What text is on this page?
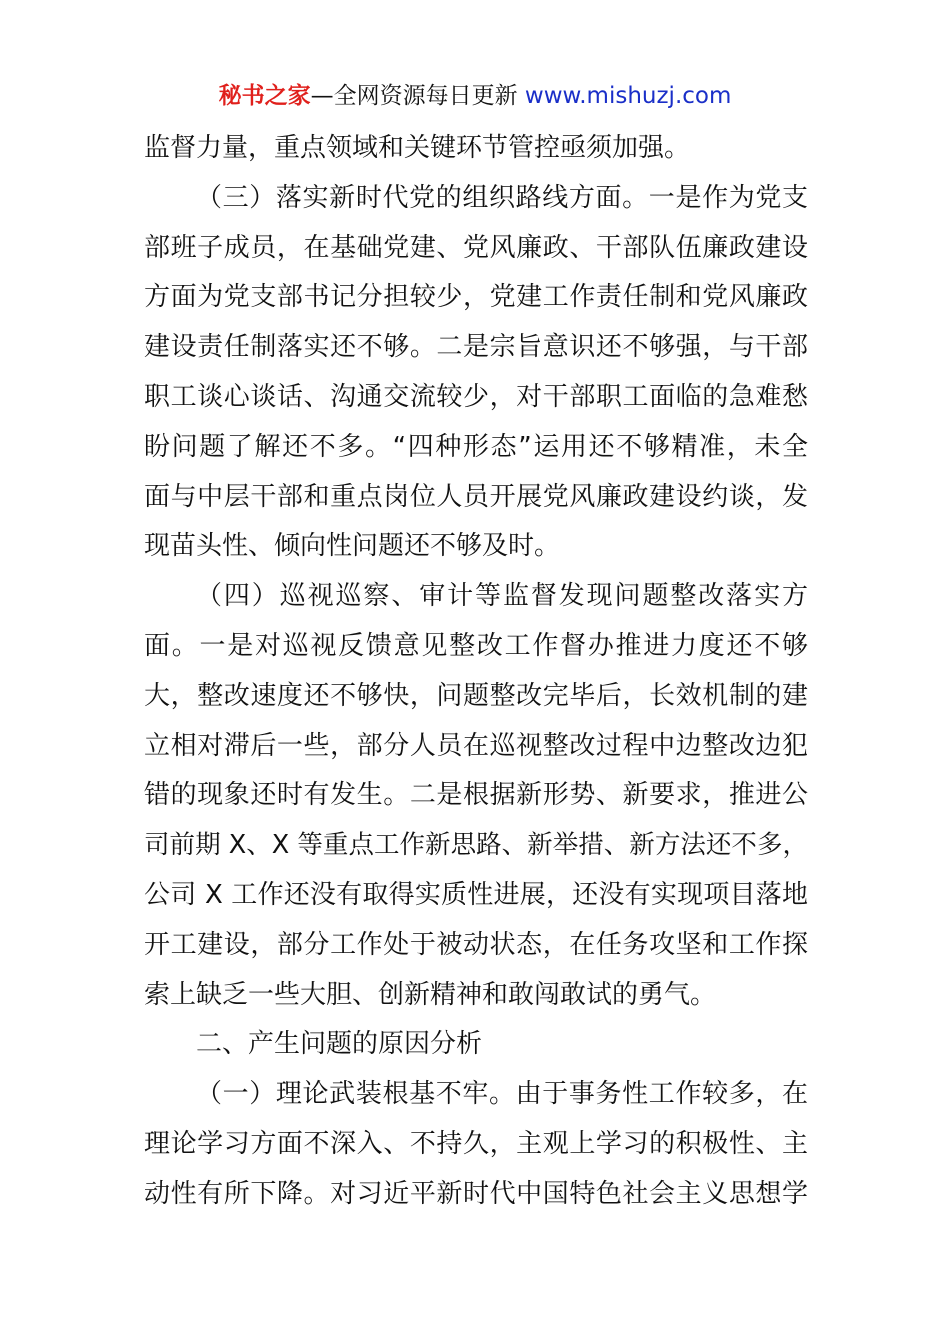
秘书之家—全网资源每日更新 www.mishuzj.com
监督力量，重点领域和关键环节管控亟须加强。
（三）落实新时代党的组织路线方面。一是作为党支
部班子成员，在基础党建、党风廉政、干部队伍廉政建设
方面为党支部书记分担较少，党建工作责任制和党风廉政
建设责任制落实还不够。二是宗旨意识还不够强，与干部
职工谈心谈话、沟通交流较少，对干部职工面临的急难愁
盼问题了解还不多。“四种形态”运用还不够精准，未全
面与中层干部和重点岗位人员开展党风廉政建设约谈，发
现苗头性、倾向性问题还不够及时。
（四）巡视巡察、审计等监督发现问题整改落实方
面。一是对巡视反馈意见整改工作督办推进力度还不够
大，整改速度还不够快，问题整改完毕后，长效机制的建
立相对滞后一些，部分人员在巡视整改过程中边整改边犯
错的现象还时有发生。二是根据新形势、新要求，推进公
司前期 X、X 等重点工作新思路、新举措、新方法还不多，
公司 X 工作还没有取得实质性进展，还没有实现项目落地
开工建设，部分工作处于被动状态，在任务攻坚和工作探
索上缺乏一些大胆、创新精神和敢闯敢试的勇气。
二、产生问题的原因分析
（一）理论武装根基不牢。由于事务性工作较多，在
理论学习方面不深入、不持久，主观上学习的积极性、主
动性有所下降。对习近平新时代中国特色社会主义思想学
